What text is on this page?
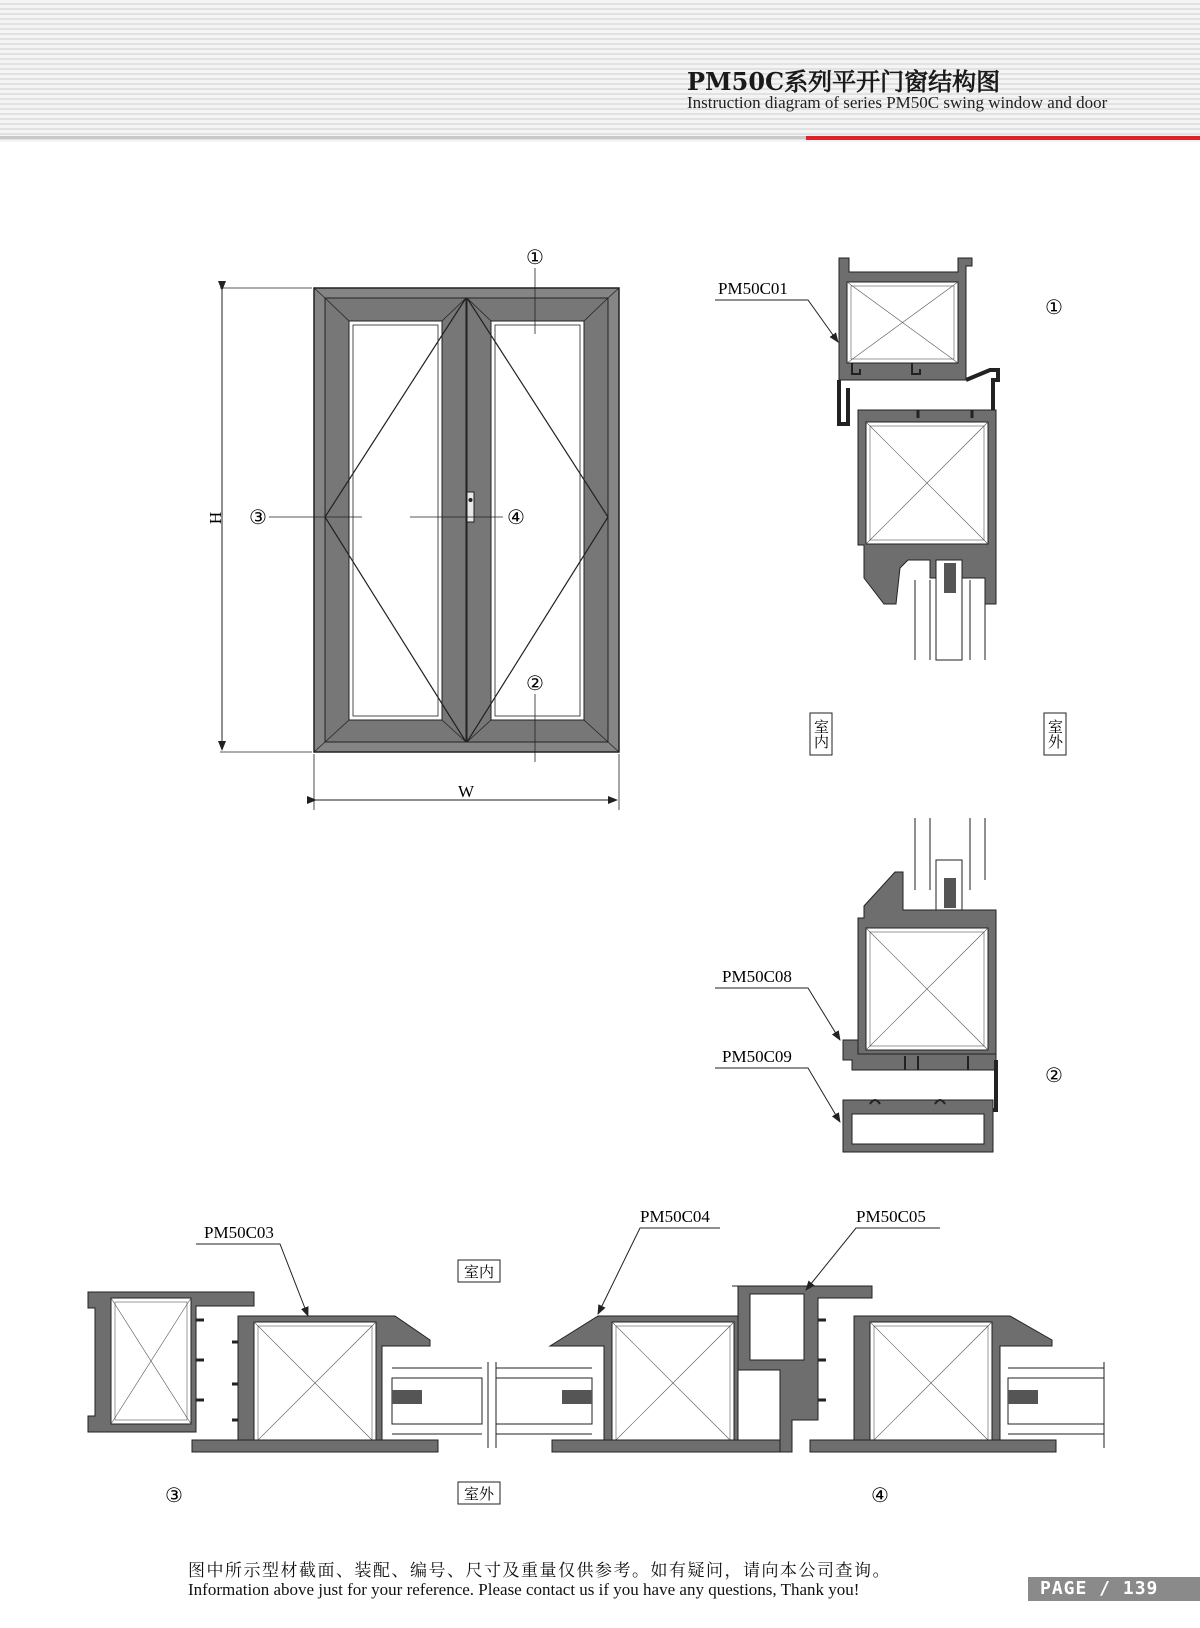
PM50C系列平开门窗结构图
Instruction diagram of series PM50C swing window and door
H
W
①
②
③	④
①
PM50C01
②
PM50C08
PM50C09
③
PM50C03
④
PM50C04	PM50C05
室内
室外
室内	室外
图中所示型材截面、装配、编号、尺寸及重量仅供参考。如有疑问，请向本公司查询。
Information above just for your reference. Please contact us if you have any questions, Thank you!	PAGE / 139
